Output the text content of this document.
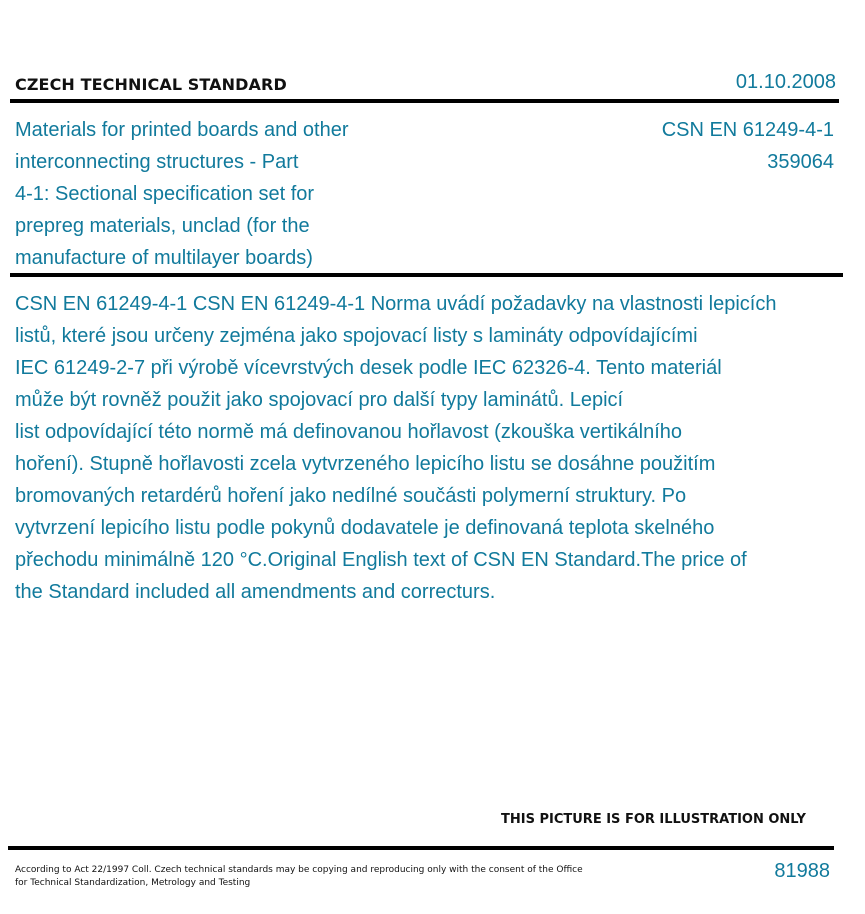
CZECH TECHNICAL STANDARD	01.10.2008
Materials for printed boards and other
interconnecting structures - Part
4-1: Sectional specification set for
prepreg materials, unclad (for the
manufacture of multilayer boards)
CSN EN 61249-4-1
359064
CSN EN 61249-4-1 CSN EN 61249-4-1 Norma uvádí požadavky na vlastnosti lepicích
listů, které jsou určeny zejména jako spojovací listy s lamináty odpovídajícími
IEC 61249-2-7 při výrobě vícevrstvých desek podle IEC 62326-4. Tento materiál
může být rovněž použit jako spojovací pro další typy laminátů. Lepicí
list odpovídající této normě má definovanou hořlavost (zkouška vertikálního
hoření). Stupně hořlavosti zcela vytvrzeného lepicího listu se dosáhne použitím
bromovaných retardérů hoření jako nedílné součásti polymerní struktury. Po
vytvrzení lepicího listu podle pokynů dodavatele je definovaná teplota skelného
přechodu minimálně 120 °C.Original English text of CSN EN Standard.The price of
the Standard included all amendments and correcturs.
THIS PICTURE IS FOR ILLUSTRATION ONLY
According to Act 22/1997 Coll. Czech technical standards may be copying and reproducing only with the consent of the Office
for Technical Standardization, Metrology and Testing
81988
